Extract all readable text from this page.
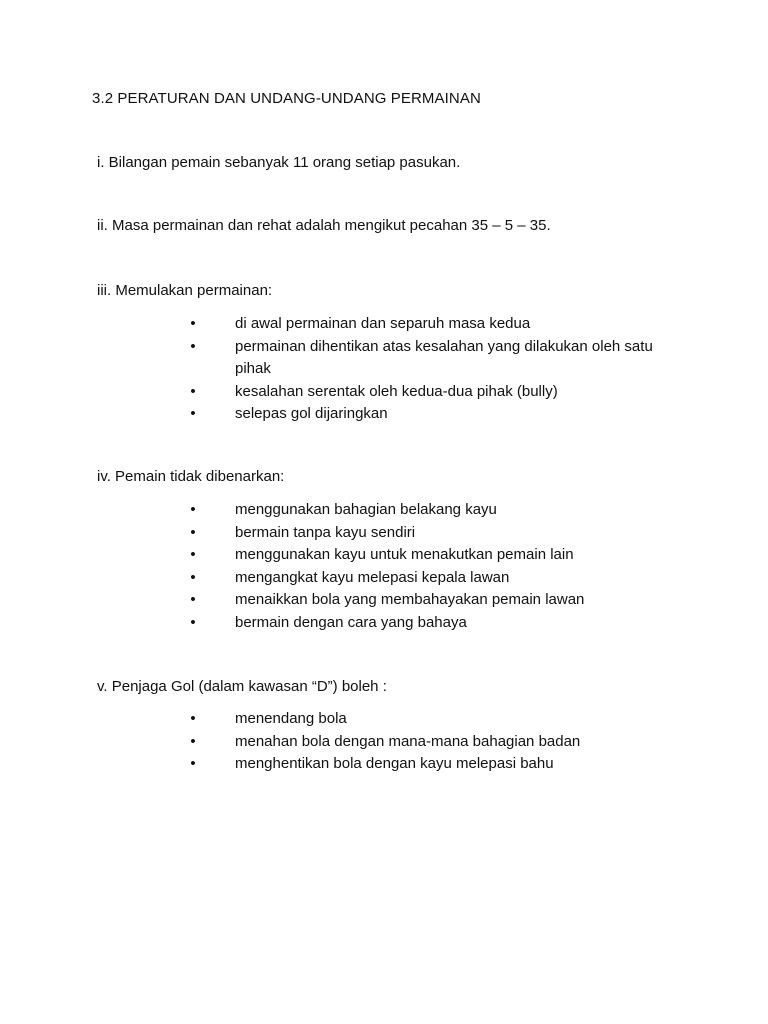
3.2 PERATURAN DAN UNDANG-UNDANG PERMAINAN
i. Bilangan pemain sebanyak 11 orang setiap pasukan.
ii. Masa permainan dan rehat adalah mengikut pecahan 35 – 5 – 35.
iii. Memulakan permainan:
•	di awal permainan dan separuh masa kedua
•	permainan dihentikan atas kesalahan yang dilakukan oleh satu pihak
•	kesalahan serentak oleh kedua-dua pihak (bully)
•	selepas gol dijaringkan
iv. Pemain tidak dibenarkan:
•	menggunakan bahagian belakang kayu
•	bermain tanpa kayu sendiri
•	menggunakan kayu untuk menakutkan pemain lain
•	mengangkat kayu melepasi kepala lawan
•	menaikkan bola yang membahayakan pemain lawan
•	bermain dengan cara yang bahaya
v. Penjaga Gol (dalam kawasan “D”) boleh :
•	menendang bola
•	menahan bola dengan mana-mana bahagian badan
•	menghentikan bola dengan kayu melepasi bahu
